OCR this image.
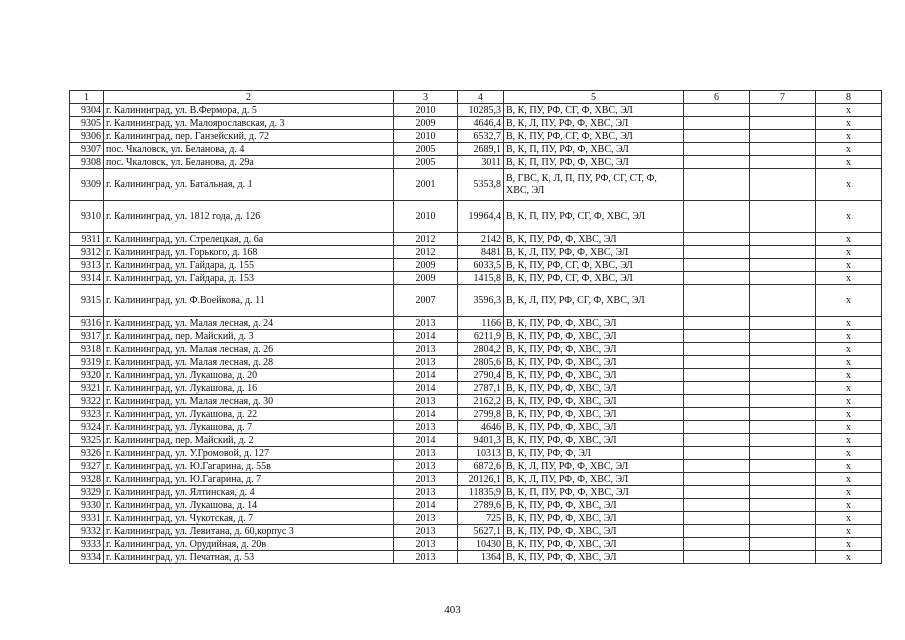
1	2	3	4	5	6	7	8
9304	г. Калининград, ул. В.Фермора, д. 5	2010	10285,3	В, К, ПУ, РФ, СГ, Ф, ХВС, ЭЛ			х
9305	г. Калининград, ул. Малоярославская, д. 3	2009	4646,4	В, К, Л, ПУ, РФ, Ф, ХВС, ЭЛ			х
9306	г. Калининград, пер. Ганзейский, д. 72	2010	6532,7	В, К, ПУ, РФ, СГ, Ф, ХВС, ЭЛ			х
9307	пос. Чкаловск, ул. Беланова, д. 4	2005	2689,1	В, К, П, ПУ, РФ, Ф, ХВС, ЭЛ			х
9308	пос. Чкаловск, ул. Беланова, д. 29а	2005	3011	В, К, П, ПУ, РФ, Ф, ХВС, ЭЛ			х
9309	г. Калининград, ул. Батальная, д. 1	2001	5353,8	В, ГВС, К, Л, П, ПУ, РФ, СГ, СТ, Ф, ХВС, ЭЛ			х
9310	г. Калининград, ул. 1812 года, д. 126	2010	19964,4	В, К, П, ПУ, РФ, СГ, Ф, ХВС, ЭЛ			х
9311	г. Калининград, ул. Стрелецкая, д. 6а	2012	2142	В, К, ПУ, РФ, Ф, ХВС, ЭЛ			х
9312	г. Калининград, ул. Горького, д. 168	2012	8481	В, К, Л, ПУ, РФ, Ф, ХВС, ЭЛ			х
9313	г. Калининград, ул. Гайдара, д. 155	2009	6033,5	В, К, ПУ, РФ, СГ, Ф, ХВС, ЭЛ			х
9314	г. Калининград, ул. Гайдара, д. 153	2009	1415,8	В, К, ПУ, РФ, СГ, Ф, ХВС, ЭЛ			х
9315	г. Калининград, ул. Ф.Воейкова, д. 11	2007	3596,3	В, К, Л, ПУ, РФ, СГ, Ф, ХВС, ЭЛ			х
9316	г. Калининград, ул. Малая лесная, д. 24	2013	1166	В, К, ПУ, РФ, Ф, ХВС, ЭЛ			х
9317	г. Калининград, пер. Майский, д. 3	2014	6211,9	В, К, ПУ, РФ, Ф, ХВС, ЭЛ			х
9318	г. Калининград, ул. Малая лесная, д. 26	2013	2804,2	В, К, ПУ, РФ, Ф, ХВС, ЭЛ			х
9319	г. Калининград, ул. Малая лесная, д. 28	2013	2805,6	В, К, ПУ, РФ, Ф, ХВС, ЭЛ			х
9320	г. Калининград, ул. Лукашова, д. 20	2014	2790,4	В, К, ПУ, РФ, Ф, ХВС, ЭЛ			х
9321	г. Калининград, ул. Лукашова, д. 16	2014	2787,1	В, К, ПУ, РФ, Ф, ХВС, ЭЛ			х
9322	г. Калининград, ул. Малая лесная, д. 30	2013	2162,2	В, К, ПУ, РФ, Ф, ХВС, ЭЛ			х
9323	г. Калининград, ул. Лукашова, д. 22	2014	2799,8	В, К, ПУ, РФ, Ф, ХВС, ЭЛ			х
9324	г. Калининград, ул. Лукашова, д. 7	2013	4646	В, К, ПУ, РФ, Ф, ХВС, ЭЛ			х
9325	г. Калининград, пер. Майский, д. 2	2014	9401,3	В, К, ПУ, РФ, Ф, ХВС, ЭЛ			х
9326	г. Калининград, ул. У.Громовой, д. 127	2013	10313	В, К, ПУ, РФ, Ф, ЭЛ			х
9327	г. Калининград, ул. Ю.Гагарина, д. 55в	2013	6872,6	В, К, Л, ПУ, РФ, Ф, ХВС, ЭЛ			х
9328	г. Калининград, ул. Ю.Гагарина, д. 7	2013	20126,1	В, К, Л, ПУ, РФ, Ф, ХВС, ЭЛ			х
9329	г. Калининград, ул. Ялтинская, д. 4	2013	11835,9	В, К, П, ПУ, РФ, Ф, ХВС, ЭЛ			х
9330	г. Калининград, ул. Лукашова, д. 14	2014	2789,6	В, К, ПУ, РФ, Ф, ХВС, ЭЛ			х
9331	г. Калининград, ул. Чукотская, д. 7	2013	725	В, К, ПУ, РФ, Ф, ХВС, ЭЛ			х
9332	г. Калининград, ул. Левитана, д. 60,корпус 3	2013	5627,1	В, К, ПУ, РФ, Ф, ХВС, ЭЛ			х
9333	г. Калининград, ул. Орудийная, д. 20в	2013	10430	В, К, ПУ, РФ, Ф, ХВС, ЭЛ			х
9334	г. Калининград, ул. Печатная, д. 53	2013	1364	В, К, ПУ, РФ, Ф, ХВС, ЭЛ			х
403
